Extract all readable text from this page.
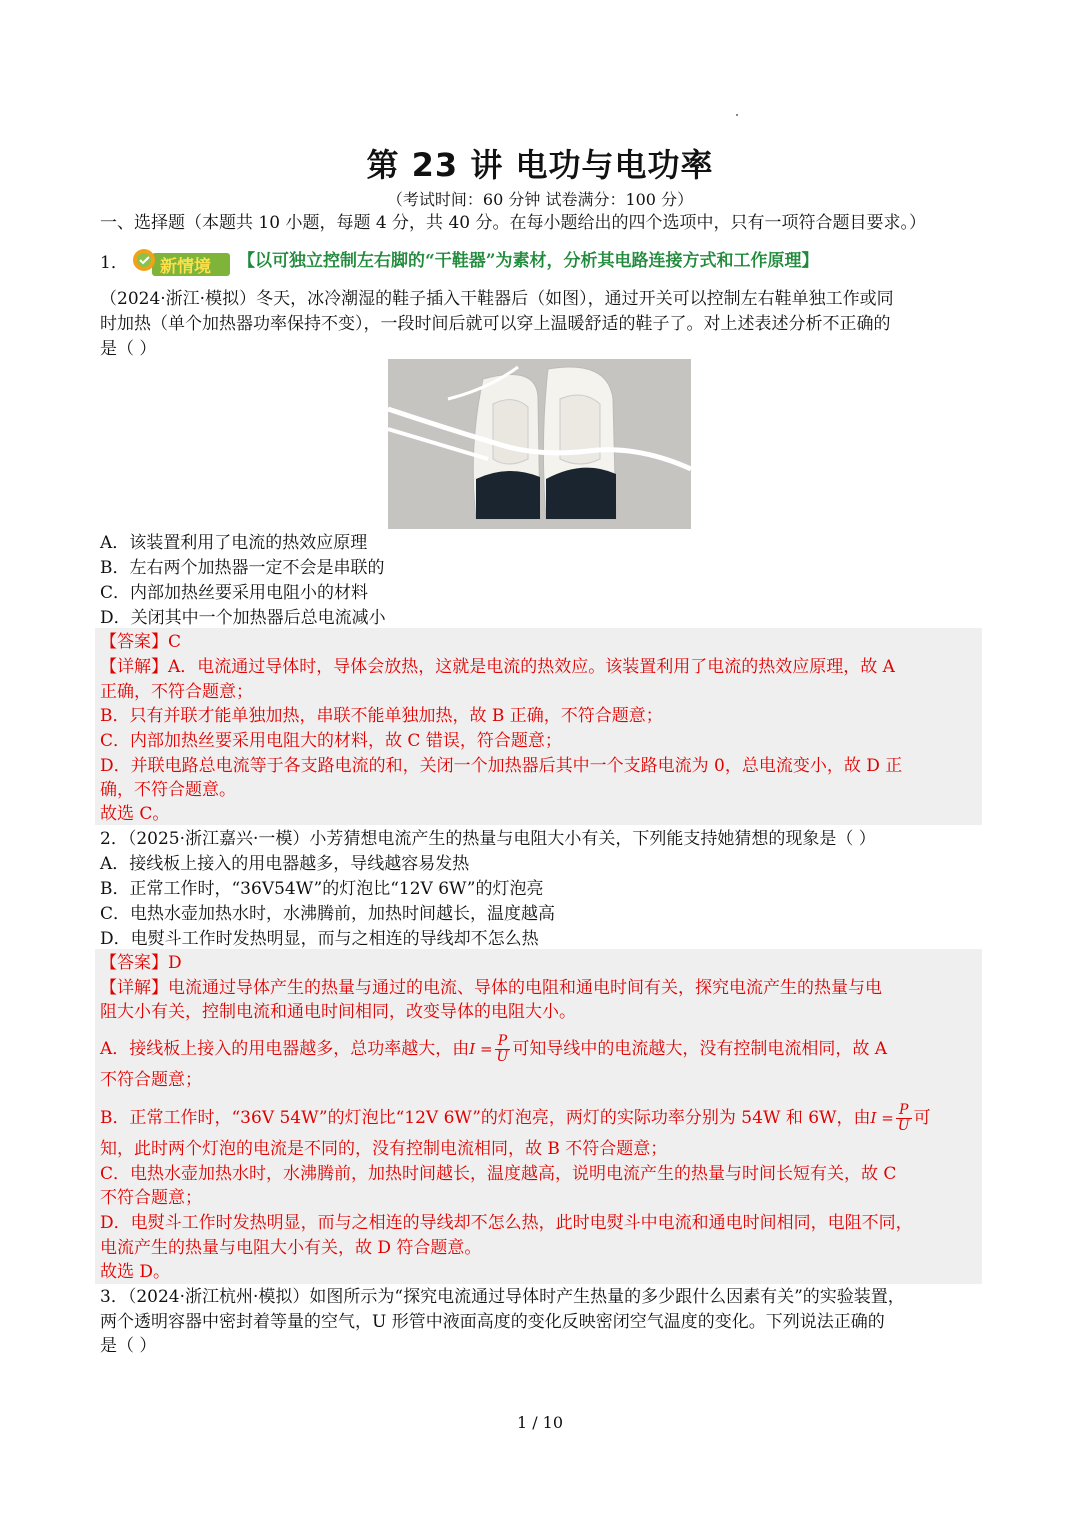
第 23 讲 电功与电功率
（考试时间：60 分钟 试卷满分：100 分）
一、选择题（本题共 10 小题，每题 4 分，共 40 分。在每小题给出的四个选项中，只有一项符合题目要求。）
1． 新情境 【以可独立控制左右脚的“干鞋器”为素材，分析其电路连接方式和工作原理】
（2024·浙江·模拟）冬天，冰冷潮湿的鞋子插入干鞋器后（如图），通过开关可以控制左右鞋单独工作或同
时加热（单个加热器功率保持不变），一段时间后就可以穿上温暖舒适的鞋子了。对上述表述分析不正确的
是（ ）
A．该装置利用了电流的热效应原理
B．左右两个加热器一定不会是串联的
C．内部加热丝要采用电阻小的材料
D．关闭其中一个加热器后总电流减小
【答案】C
【详解】A．电流通过导体时，导体会放热，这就是电流的热效应。该装置利用了电流的热效应原理，故 A
正确，不符合题意；
B．只有并联才能单独加热，串联不能单独加热，故 B 正确，不符合题意；
C．内部加热丝要采用电阻大的材料，故 C 错误，符合题意；
D．并联电路总电流等于各支路电流的和，关闭一个加热器后其中一个支路电流为 0，总电流变小，故 D 正
确，不符合题意。
故选 C。
2．（2025·浙江嘉兴·一模）小芳猜想电流产生的热量与电阻大小有关，下列能支持她猜想的现象是（ ）
A．接线板上接入的用电器越多，导线越容易发热
B．正常工作时，“36V54W”的灯泡比“12V 6W”的灯泡亮
C．电热水壶加热水时，水沸腾前，加热时间越长，温度越高
D．电熨斗工作时发热明显，而与之相连的导线却不怎么热
【答案】D
【详解】电流通过导体产生的热量与通过的电流、导体的电阻和通电时间有关，探究电流产生的热量与电
阻大小有关，控制电流和通电时间相同，改变导体的电阻大小。
A．接线板上接入的用电器越多，总功率越大，由$I = \frac{P}{U}$ 可知导线中的电流越大，没有控制电流相同，故 A
不符合题意；
B．正常工作时，“36V 54W”的灯泡比“12V 6W”的灯泡亮，两灯的实际功率分别为 54W 和 6W，由$I = \frac{P}{U}$ 可
知，此时两个灯泡的电流是不同的，没有控制电流相同，故 B 不符合题意；
C．电热水壶加热水时，水沸腾前，加热时间越长，温度越高，说明电流产生的热量与时间长短有关，故 C
不符合题意；
D．电熨斗工作时发热明显，而与之相连的导线却不怎么热，此时电熨斗中电流和通电时间相同，电阻不同，
电流产生的热量与电阻大小有关，故 D 符合题意。
故选 D。
3．（2024·浙江杭州·模拟）如图所示为“探究电流通过导体时产生热量的多少跟什么因素有关”的实验装置，
两个透明容器中密封着等量的空气，U 形管中液面高度的变化反映密闭空气温度的变化。下列说法正确的
是（ ）
1 / 10
